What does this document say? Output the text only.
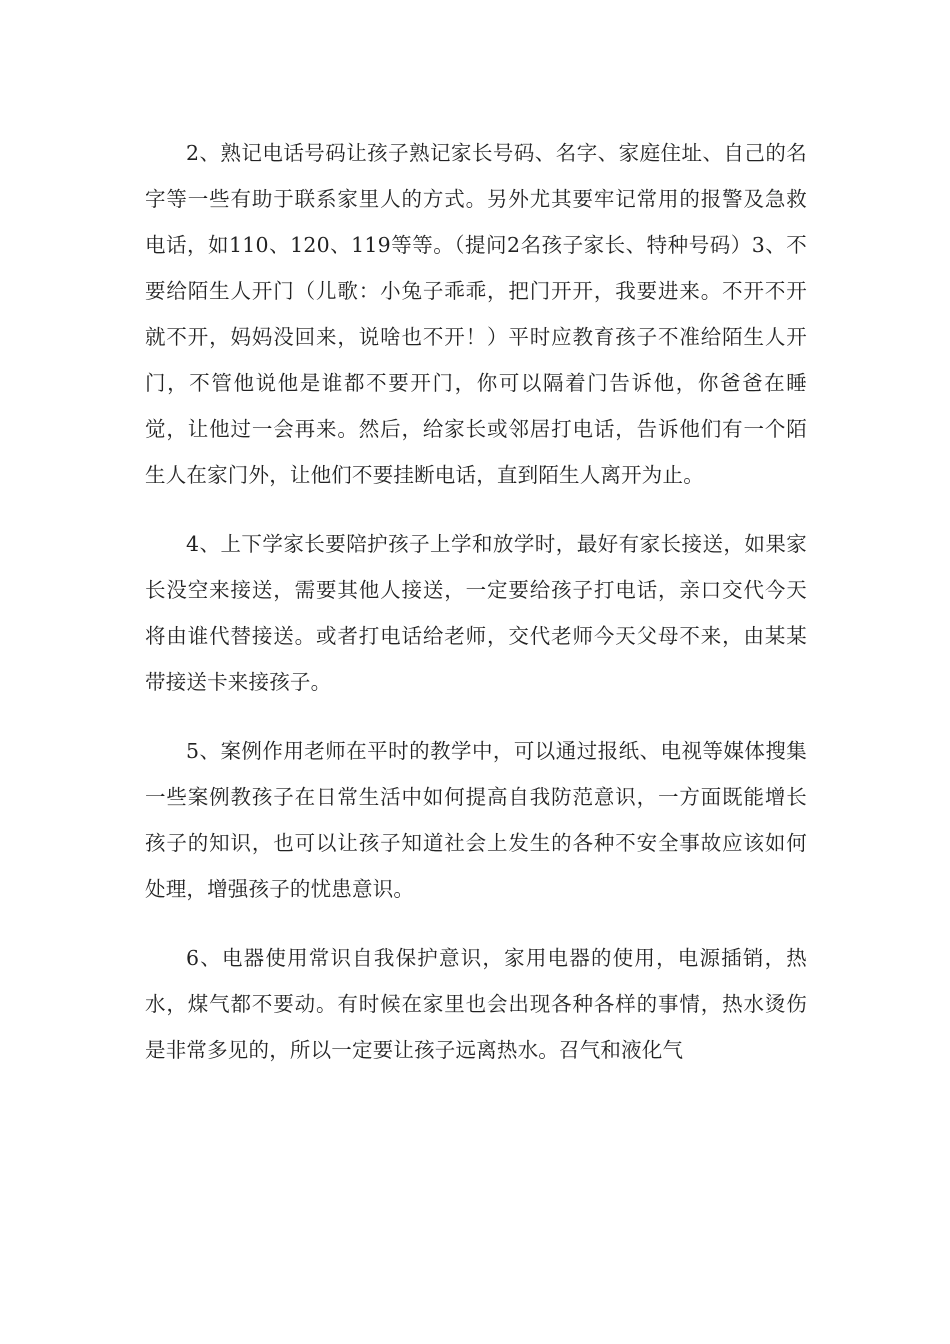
2、熟记电话号码让孩子熟记家长号码、名字、家庭住址、自己的名字等一些有助于联系家里人的方式。另外尤其要牢记常用的报警及急救电话，如110、120、119等等。（提问2名孩子家长、特种号码）3、不要给陌生人开门（儿歌：小兔子乖乖，把门开开，我要进来。不开不开就不开，妈妈没回来，说啥也不开！）平时应教育孩子不准给陌生人开门，不管他说他是谁都不要开门，你可以隔着门告诉他，你爸爸在睡觉，让他过一会再来。然后，给家长或邻居打电话，告诉他们有一个陌生人在家门外，让他们不要挂断电话，直到陌生人离开为止。

4、上下学家长要陪护孩子上学和放学时，最好有家长接送，如果家长没空来接送，需要其他人接送，一定要给孩子打电话，亲口交代今天将由谁代替接送。或者打电话给老师，交代老师今天父母不来，由某某带接送卡来接孩子。

5、案例作用老师在平时的教学中，可以通过报纸、电视等媒体搜集一些案例教孩子在日常生活中如何提高自我防范意识，一方面既能增长孩子的知识，也可以让孩子知道社会上发生的各种不安全事故应该如何处理，增强孩子的忧患意识。

6、电器使用常识自我保护意识，家用电器的使用，电源插销，热水，煤气都不要动。有时候在家里也会出现各种各样的事情，热水烫伤是非常多见的，所以一定要让孩子远离热水。召气和液化气
